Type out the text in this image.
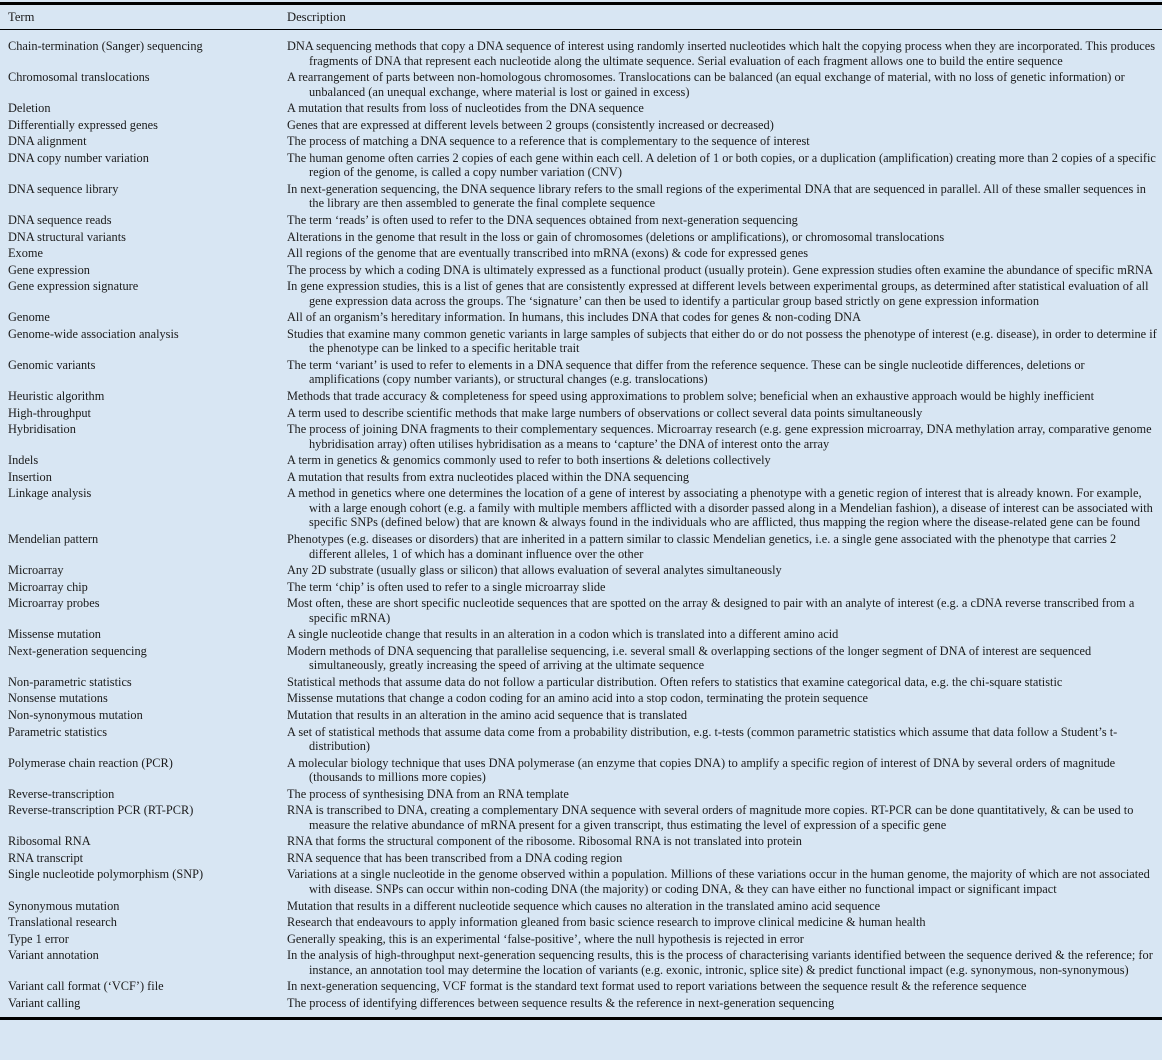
Term	Description
Chain-termination (Sanger) sequencing	DNA sequencing methods that copy a DNA sequence of interest using randomly inserted nucleotides which halt the copying process when they are incorporated. This produces fragments of DNA that represent each nucleotide along the ultimate sequence. Serial evaluation of each fragment allows one to build the entire sequence
Chromosomal translocations	A rearrangement of parts between non-homologous chromosomes. Translocations can be balanced (an equal exchange of material, with no loss of genetic information) or unbalanced (an unequal exchange, where material is lost or gained in excess)
Deletion	A mutation that results from loss of nucleotides from the DNA sequence
Differentially expressed genes	Genes that are expressed at different levels between 2 groups (consistently increased or decreased)
DNA alignment	The process of matching a DNA sequence to a reference that is complementary to the sequence of interest
DNA copy number variation	The human genome often carries 2 copies of each gene within each cell. A deletion of 1 or both copies, or a duplication (amplification) creating more than 2 copies of a specific region of the genome, is called a copy number variation (CNV)
DNA sequence library	In next-generation sequencing, the DNA sequence library refers to the small regions of the experimental DNA that are sequenced in parallel. All of these smaller sequences in the library are then assembled to generate the final complete sequence
DNA sequence reads	The term ‘reads’ is often used to refer to the DNA sequences obtained from next-generation sequencing
DNA structural variants	Alterations in the genome that result in the loss or gain of chromosomes (deletions or amplifications), or chromosomal translocations
Exome	All regions of the genome that are eventually transcribed into mRNA (exons) & code for expressed genes
Gene expression	The process by which a coding DNA is ultimately expressed as a functional product (usually protein). Gene expression studies often examine the abundance of specific mRNA
Gene expression signature	In gene expression studies, this is a list of genes that are consistently expressed at different levels between experimental groups, as determined after statistical evaluation of all gene expression data across the groups. The ‘signature’ can then be used to identify a particular group based strictly on gene expression information
Genome	All of an organism’s hereditary information. In humans, this includes DNA that codes for genes & non-coding DNA
Genome-wide association analysis	Studies that examine many common genetic variants in large samples of subjects that either do or do not possess the phenotype of interest (e.g. disease), in order to determine if the phenotype can be linked to a specific heritable trait
Genomic variants	The term ‘variant’ is used to refer to elements in a DNA sequence that differ from the reference sequence. These can be single nucleotide differences, deletions or amplifications (copy number variants), or structural changes (e.g. translocations)
Heuristic algorithm	Methods that trade accuracy & completeness for speed using approximations to problem solve; beneficial when an exhaustive approach would be highly inefficient
High-throughput	A term used to describe scientific methods that make large numbers of observations or collect several data points simultaneously
Hybridisation	The process of joining DNA fragments to their complementary sequences. Microarray research (e.g. gene expression microarray, DNA methylation array, comparative genome hybridisation array) often utilises hybridisation as a means to ‘capture’ the DNA of interest onto the array
Indels	A term in genetics & genomics commonly used to refer to both insertions & deletions collectively
Insertion	A mutation that results from extra nucleotides placed within the DNA sequencing
Linkage analysis	A method in genetics where one determines the location of a gene of interest by associating a phenotype with a genetic region of interest that is already known. For example, with a large enough cohort (e.g. a family with multiple members afflicted with a disorder passed along in a Mendelian fashion), a disease of interest can be associated with specific SNPs (defined below) that are known & always found in the individuals who are afflicted, thus mapping the region where the disease-related gene can be found
Mendelian pattern	Phenotypes (e.g. diseases or disorders) that are inherited in a pattern similar to classic Mendelian genetics, i.e. a single gene associated with the phenotype that carries 2 different alleles, 1 of which has a dominant influence over the other
Microarray	Any 2D substrate (usually glass or silicon) that allows evaluation of several analytes simultaneously
Microarray chip	The term ‘chip’ is often used to refer to a single microarray slide
Microarray probes	Most often, these are short specific nucleotide sequences that are spotted on the array & designed to pair with an analyte of interest (e.g. a cDNA reverse transcribed from a specific mRNA)
Missense mutation	A single nucleotide change that results in an alteration in a codon which is translated into a different amino acid
Next-generation sequencing	Modern methods of DNA sequencing that parallelise sequencing, i.e. several small & overlapping sections of the longer segment of DNA of interest are sequenced simultaneously, greatly increasing the speed of arriving at the ultimate sequence
Non-parametric statistics	Statistical methods that assume data do not follow a particular distribution. Often refers to statistics that examine categorical data, e.g. the chi-square statistic
Nonsense mutations	Missense mutations that change a codon coding for an amino acid into a stop codon, terminating the protein sequence
Non-synonymous mutation	Mutation that results in an alteration in the amino acid sequence that is translated
Parametric statistics	A set of statistical methods that assume data come from a probability distribution, e.g. t-tests (common parametric statistics which assume that data follow a Student’s t-distribution)
Polymerase chain reaction (PCR)	A molecular biology technique that uses DNA polymerase (an enzyme that copies DNA) to amplify a specific region of interest of DNA by several orders of magnitude (thousands to millions more copies)
Reverse-transcription	The process of synthesising DNA from an RNA template
Reverse-transcription PCR (RT-PCR)	RNA is transcribed to DNA, creating a complementary DNA sequence with several orders of magnitude more copies. RT-PCR can be done quantitatively, & can be used to measure the relative abundance of mRNA present for a given transcript, thus estimating the level of expression of a specific gene
Ribosomal RNA	RNA that forms the structural component of the ribosome. Ribosomal RNA is not translated into protein
RNA transcript	RNA sequence that has been transcribed from a DNA coding region
Single nucleotide polymorphism (SNP)	Variations at a single nucleotide in the genome observed within a population. Millions of these variations occur in the human genome, the majority of which are not associated with disease. SNPs can occur within non-coding DNA (the majority) or coding DNA, & they can have either no functional impact or significant impact
Synonymous mutation	Mutation that results in a different nucleotide sequence which causes no alteration in the translated amino acid sequence
Translational research	Research that endeavours to apply information gleaned from basic science research to improve clinical medicine & human health
Type 1 error	Generally speaking, this is an experimental ‘false-positive’, where the null hypothesis is rejected in error
Variant annotation	In the analysis of high-throughput next-generation sequencing results, this is the process of characterising variants identified between the sequence derived & the reference; for instance, an annotation tool may determine the location of variants (e.g. exonic, intronic, splice site) & predict functional impact (e.g. synonymous, non-synonymous)
Variant call format (‘VCF’) file	In next-generation sequencing, VCF format is the standard text format used to report variations between the sequence result & the reference sequence
Variant calling	The process of identifying differences between sequence results & the reference in next-generation sequencing
